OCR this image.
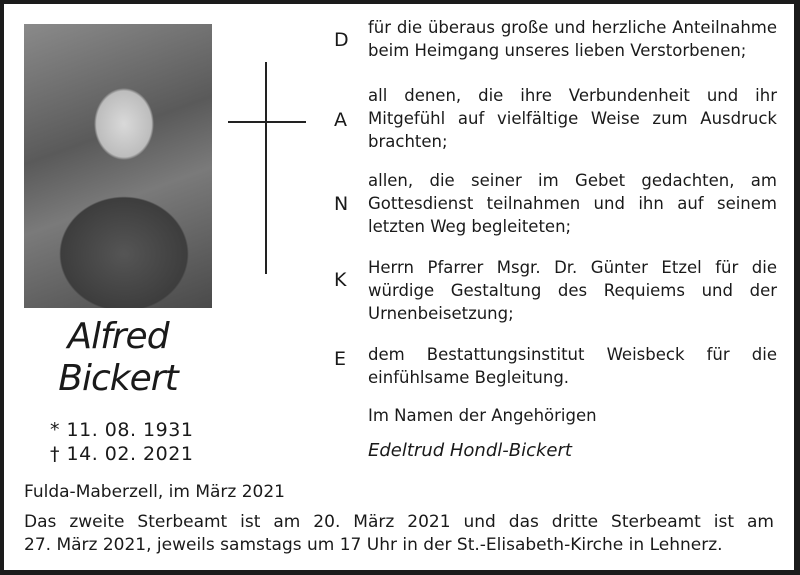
Alfred
Bickert
* 11. 08. 1931
† 14. 02. 2021
D
für die überaus große und herzliche Anteilnahme
beim Heimgang unseres lieben Verstorbenen;
A
all denen, die ihre Verbundenheit und ihr
Mitgefühl auf vielfältige Weise zum Ausdruck
brachten;
N
allen, die seiner im Gebet gedachten, am
Gottesdienst teilnahmen und ihn auf seinem
letzten Weg begleiteten;
K
Herrn Pfarrer Msgr. Dr. Günter Etzel für die
würdige Gestaltung des Requiems und der
Urnenbeisetzung;
E dem Bestattungsinstitut Weisbeck für die
einfühlsame Begleitung.
Im Namen der Angehörigen
Edeltrud Hondl-Bickert
Fulda-Maberzell, im März 2021
Das zweite Sterbeamt ist am 20. März 2021 und das dritte Sterbeamt ist am
27. März 2021, jeweils samstags um 17 Uhr in der St.-Elisabeth-Kirche in Lehnerz.
